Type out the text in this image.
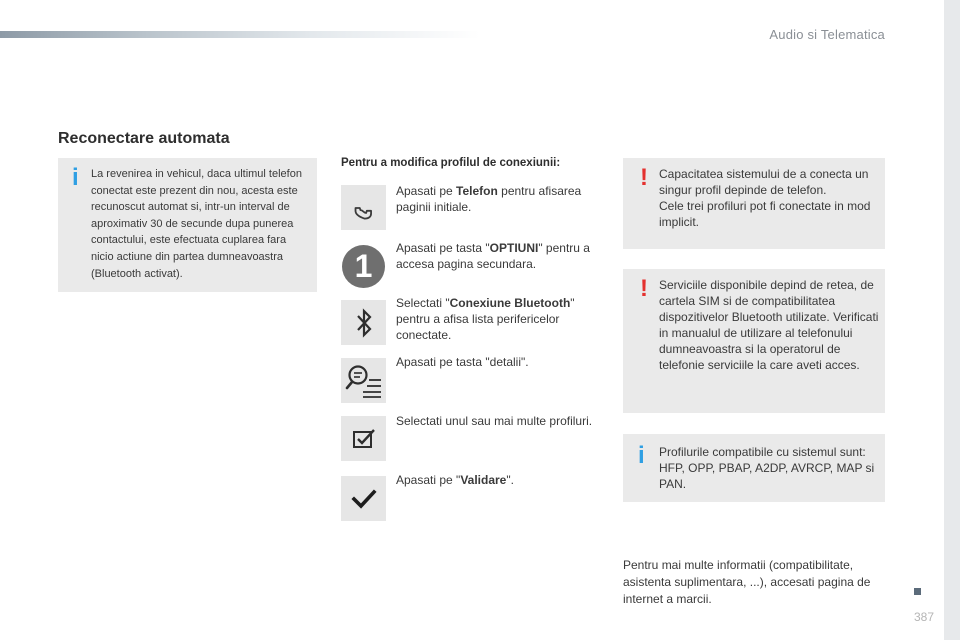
Audio si Telematica
Reconectare automata
i La revenirea in vehicul, daca ultimul telefon conectat este prezent din nou, acesta este recunoscut automat si, intr-un interval de aproximativ 30 de secunde dupa punerea contactului, este efectuata cuplarea fara nicio actiune din partea dumneavoastra (Bluetooth activat).

Pentru a modifica profilul de conexiunii:

Apasati pe Telefon pentru afisarea paginii initiale.

1	Apasati pe tasta "OPTIUNI" pentru a accesa pagina secundara.

Selectati "Conexiune Bluetooth" pentru a afisa lista perifericelor conectate.

Apasati pe tasta "detalii".

Selectati unul sau mai multe profiluri.

Apasati pe "Validare".

! Capacitatea sistemului de a conecta un singur profil depinde de telefon.
Cele trei profiluri pot fi conectate in mod implicit.

! Serviciile disponibile depind de retea, de cartela SIM si de compatibilitatea dispozitivelor Bluetooth utilizate. Verificati in manualul de utilizare al telefonului dumneavoastra si la operatorul de telefonie serviciile la care aveti acces.

i Profilurile compatibile cu sistemul sunt: HFP, OPP, PBAP, A2DP, AVRCP, MAP si PAN.

Pentru mai multe informatii (compatibilitate, asistenta suplimentara, ...), accesati pagina de internet a marcii.

387
